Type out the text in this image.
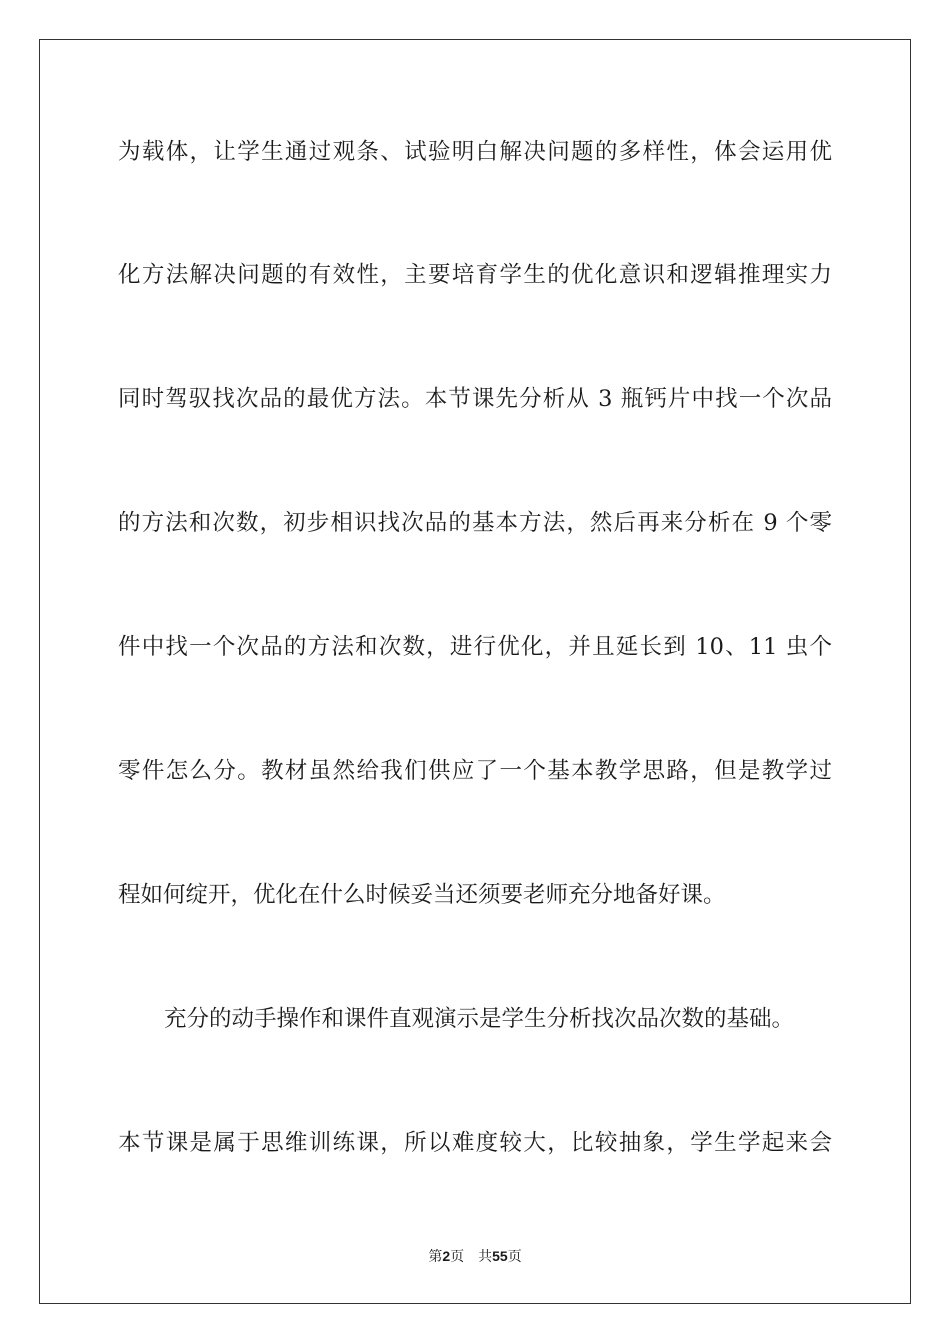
为载体，让学生通过观条、试验明白解决问题的多样性，体会运用优
化方法解决问题的有效性，主要培育学生的优化意识和逻辑推理实力
同时驾驭找次品的最优方法。本节课先分析从 3 瓶钙片中找一个次品
的方法和次数，初步相识找次品的基本方法，然后再来分析在 9 个零
件中找一个次品的方法和次数，进行优化，并且延长到 10、11 虫个
零件怎么分。教材虽然给我们供应了一个基本教学思路，但是教学过
程如何绽开，优化在什么时候妥当还须要老师充分地备好课。
充分的动手操作和课件直观演示是学生分析找次品次数的基础。
本节课是属于思维训练课，所以难度较大，比较抽象，学生学起来会
第2页 共55页
